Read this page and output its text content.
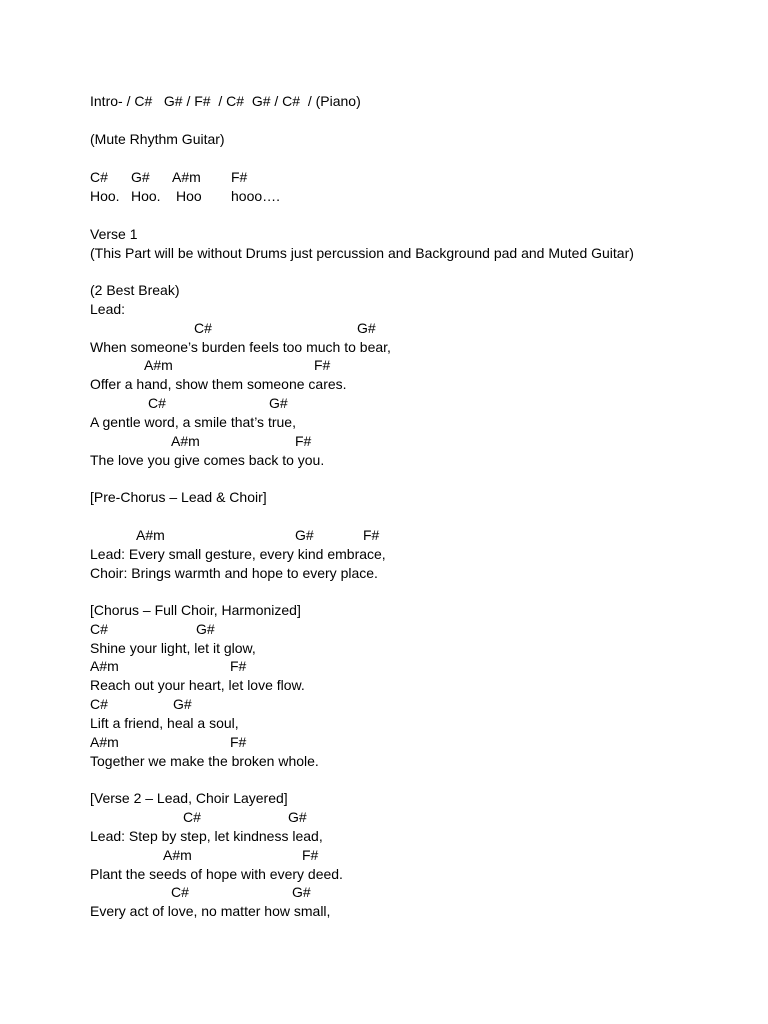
Intro- / C#   G# / F#  / C#  G# / C#  / (Piano)

(Mute Rhythm Guitar)

C# G# A#m F#
Hoo. Hoo. Hoo hooo….

Verse 1

(This Part will be without Drums just percussion and Background pad and Muted Guitar)

(2 Best Break)

Lead:

C#	G#

When someone’s burden feels too much to bear,

A#m	F#

Offer a hand, show them someone cares.

C#	G#

A gentle word, a smile that’s true,

A#m	F#

The love you give comes back to you.

[Pre-Chorus – Lead & Choir]

A#m	G#	F#

Lead: Every small gesture, every kind embrace,

Choir: Brings warmth and hope to every place.

[Chorus – Full Choir, Harmonized]

C#	G#

Shine your light, let it glow,

A#m	F#

Reach out your heart, let love flow.

C#	G#

Lift a friend, heal a soul,

A#m	F#

Together we make the broken whole.

[Verse 2 – Lead, Choir Layered]

C#	G#

Lead: Step by step, let kindness lead,

A#m	F#

Plant the seeds of hope with every deed.

C#	G#

Every act of love, no matter how small,
